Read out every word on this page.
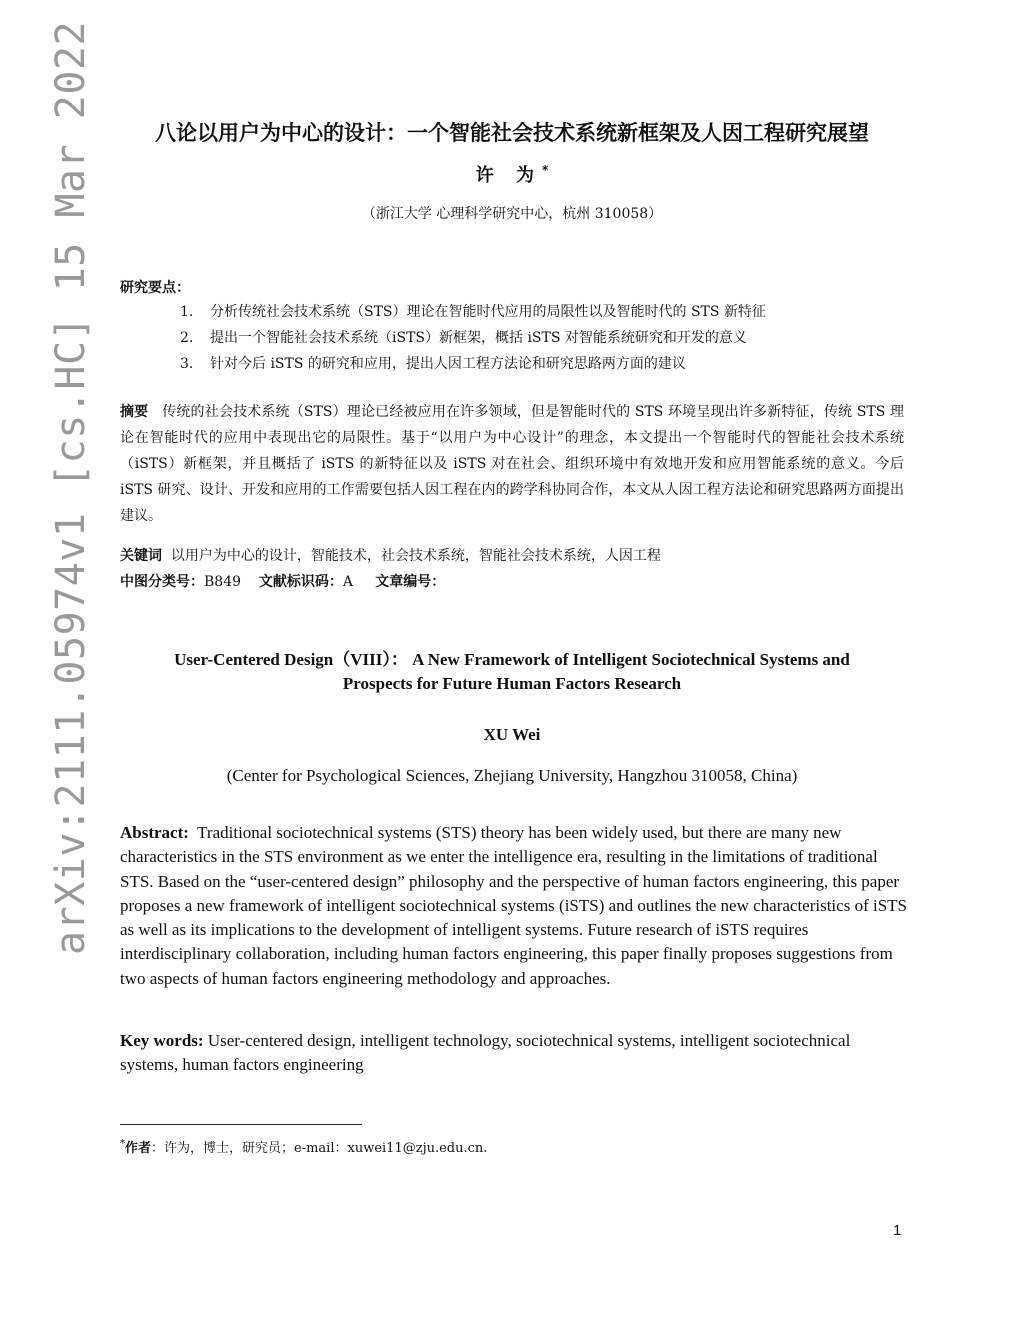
arXiv:2111.05974v1 [cs.HC] 15 Mar 2022	八论以用户为中心的设计：一个智能社会技术系统新框架及人因工程研究展望
许 为*
（浙江大学 心理科学研究中心，杭州 310058）
研究要点：
1. 分析传统社会技术系统（STS）理论在智能时代应用的局限性以及智能时代的 STS 新特征
2. 提出一个智能社会技术系统（iSTS）新框架，概括 iSTS 对智能系统研究和开发的意义
3. 针对今后 iSTS 的研究和应用，提出人因工程方法论和研究思路两方面的建议
摘要 传统的社会技术系统（STS）理论已经被应用在许多领域，但是智能时代的 STS 环境呈现出许多新特征，传统 STS 理论在智能时代的应用中表现出它的局限性。基于“以用户为中心设计”的理念，本文提出一个智能时代的智能社会技术系统（iSTS）新框架，并且概括了 iSTS 的新特征以及 iSTS 对在社会、组织环境中有效地开发和应用智能系统的意义。今后 iSTS 研究、设计、开发和应用的工作需要包括人因工程在内的跨学科协同合作，本文从人因工程方法论和研究思路两方面提出建议。
关键词 以用户为中心的设计，智能技术，社会技术系统，智能社会技术系统，人因工程
中图分类号：B849 文献标识码：A 文章编号：
User-Centered Design（VIII）： A New Framework of Intelligent Sociotechnical Systems and
Prospects for Future Human Factors Research
XU Wei
(Center for Psychological Sciences, Zhejiang University, Hangzhou 310058, China)
Abstract: Traditional sociotechnical systems (STS) theory has been widely used, but there are many new characteristics in the STS environment as we enter the intelligence era, resulting in the limitations of traditional STS. Based on the “user-centered design” philosophy and the perspective of human factors engineering, this paper proposes a new framework of intelligent sociotechnical systems (iSTS) and outlines the new characteristics of iSTS as well as its implications to the development of intelligent systems. Future research of iSTS requires interdisciplinary collaboration, including human factors engineering, this paper finally proposes suggestions from two aspects of human factors engineering methodology and approaches.
Key words: User-centered design, intelligent technology, sociotechnical systems, intelligent sociotechnical systems, human factors engineering
*作者：许为，博士，研究员；e-mail：xuwei11@zju.edu.cn.
1
